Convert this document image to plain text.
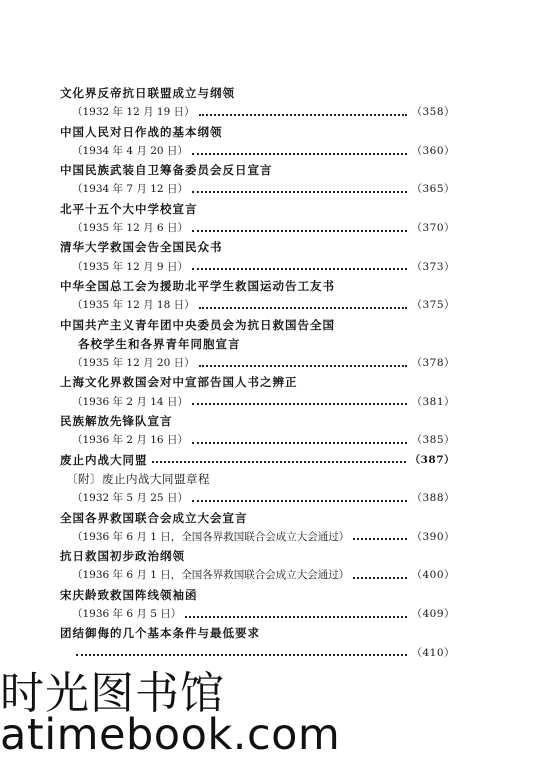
文化界反帝抗日联盟成立与纲领
（1932 年 12 月 19 日）	（358）
中国人民对日作战的基本纲领
（1934 年 4 月 20 日）	（360）
中国民族武装自卫筹备委员会反日宣言
（1934 年 7 月 12 日）	（365）
北平十五个大中学校宣言
（1935 年 12 月 6 日）	（370）
清华大学救国会告全国民众书
（1935 年 12 月 9 日）	（373）
中华全国总工会为援助北平学生救国运动告工友书
（1935 年 12 月 18 日）	（375）
中国共产主义青年团中央委员会为抗日救国告全国
各校学生和各界青年同胞宣言
（1935 年 12 月 20 日）	（378）
上海文化界救国会对中宣部告国人书之辨正
（1936 年 2 月 14 日）	（381）
民族解放先锋队宣言
（1936 年 2 月 16 日）	（385）
废止内战大同盟	（387）
〔附〕废止内战大同盟章程
（1932 年 5 月 25 日）	（388）
全国各界救国联合会成立大会宣言
（1936 年 6 月 1 日，全国各界救国联合会成立大会通过）	（390）
抗日救国初步政治纲领
（1936 年 6 月 1 日，全国各界救国联合会成立大会通过）	（400）
宋庆龄致救国阵线领袖函
（1936 年 6 月 5 日）	（409）
团结御侮的几个基本条件与最低要求
（410）
时光图书馆
atimebook.com
